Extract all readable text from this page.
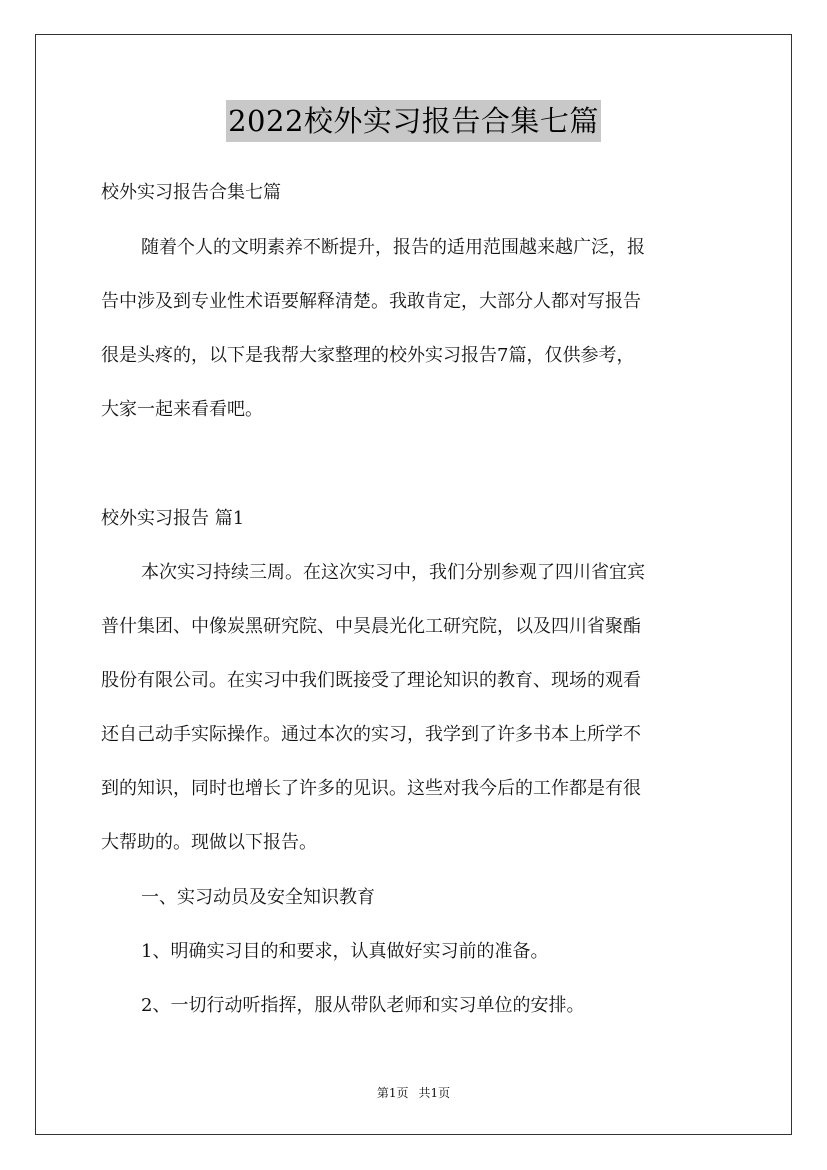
2022校外实习报告合集七篇
校外实习报告合集七篇
随着个人的文明素养不断提升，报告的适用范围越来越广泛，报
告中涉及到专业性术语要解释清楚。我敢肯定，大部分人都对写报告
很是头疼的，以下是我帮大家整理的校外实习报告7篇，仅供参考，
大家一起来看看吧。
校外实习报告 篇1
本次实习持续三周。在这次实习中，我们分别参观了四川省宜宾
普什集团、中像炭黑研究院、中昊晨光化工研究院，以及四川省聚酯
股份有限公司。在实习中我们既接受了理论知识的教育、现场的观看
还自己动手实际操作。通过本次的实习，我学到了许多书本上所学不
到的知识，同时也增长了许多的见识。这些对我今后的工作都是有很
大帮助的。现做以下报告。
一、实习动员及安全知识教育
1、明确实习目的和要求，认真做好实习前的准备。
2、一切行动听指挥，服从带队老师和实习单位的安排。
第1页 共1页
